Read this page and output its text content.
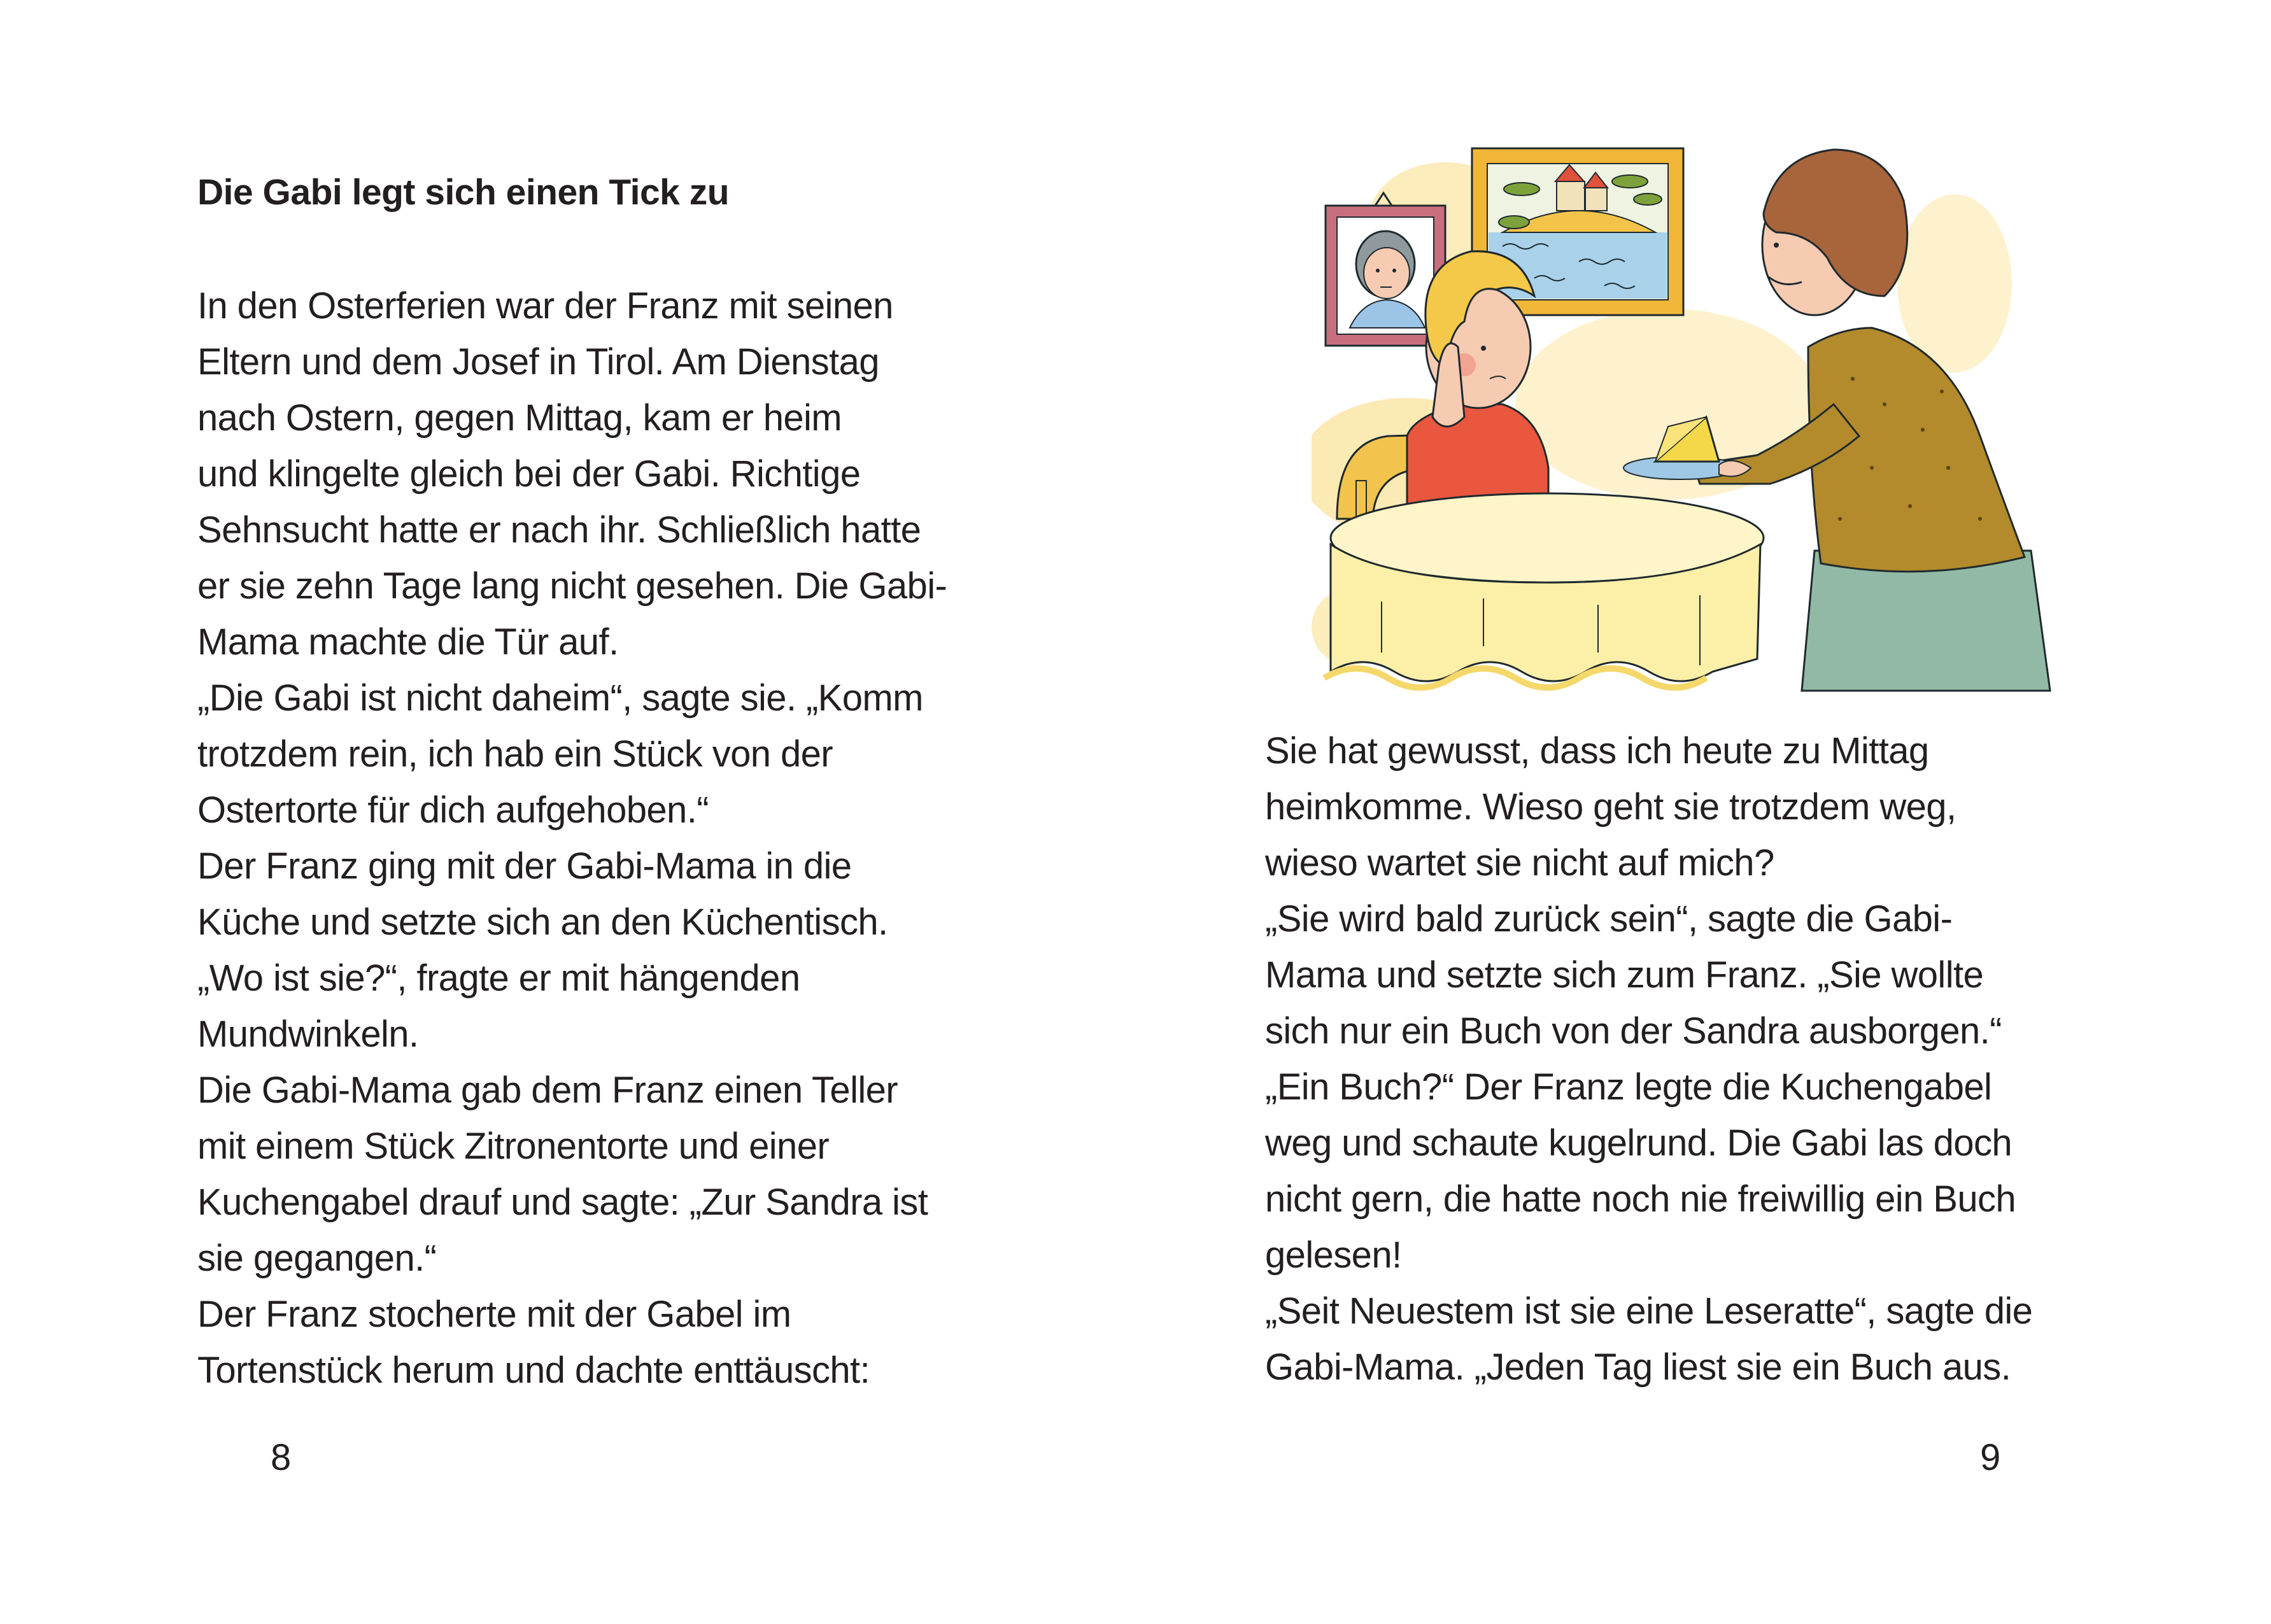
Die Gabi legt sich einen Tick zu
In den Osterferien war der Franz mit seinen
Eltern und dem Josef in Tirol. Am Dienstag
nach Ostern, gegen Mittag, kam er heim
und klingelte gleich bei der Gabi. Richtige
Sehnsucht hatte er nach ihr. Schließlich hatte
er sie zehn Tage lang nicht gesehen. Die Gabi-
Mama machte die Tür auf.
„Die Gabi ist nicht daheim“, sagte sie. „Komm
trotzdem rein, ich hab ein Stück von der
Ostertorte für dich aufgehoben.“
Der Franz ging mit der Gabi-Mama in die
Küche und setzte sich an den Küchentisch.
„Wo ist sie?“, fragte er mit hängenden
Mundwinkeln.
Die Gabi-Mama gab dem Franz einen Teller
mit einem Stück Zitronentorte und einer
Kuchengabel drauf und sagte: „Zur Sandra ist
sie gegangen.“
Der Franz stocherte mit der Gabel im
Tortenstück herum und dachte enttäuscht:
8
Sie hat gewusst, dass ich heute zu Mittag
heimkomme. Wieso geht sie trotzdem weg,
wieso wartet sie nicht auf mich?
„Sie wird bald zurück sein“, sagte die Gabi-
Mama und setzte sich zum Franz. „Sie wollte
sich nur ein Buch von der Sandra ausborgen.“
„Ein Buch?“ Der Franz legte die Kuchengabel
weg und schaute kugelrund. Die Gabi las doch
nicht gern, die hatte noch nie freiwillig ein Buch
gelesen!
„Seit Neuestem ist sie eine Leseratte“, sagte die
Gabi-Mama. „Jeden Tag liest sie ein Buch aus.
9
